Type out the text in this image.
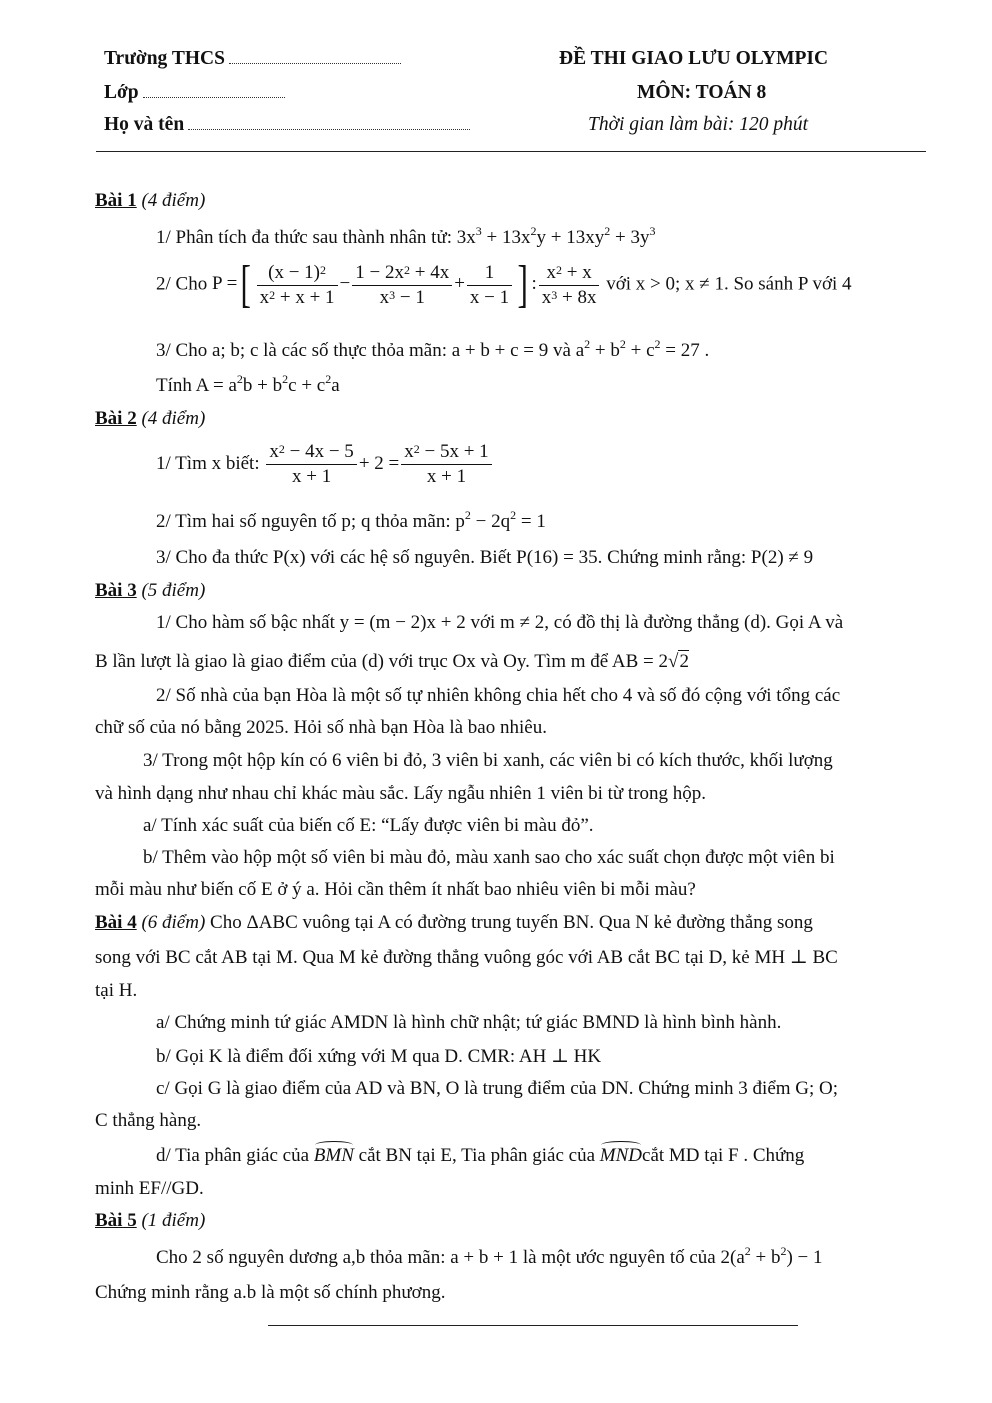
Trường THCS
Lớp
Họ và tên
ĐỀ THI GIAO LƯU OLYMPIC
MÔN: TOÁN 8
Thời gian làm bài: 120 phút
Bài 1 (4 điểm)
1/ Phân tích đa thức sau thành nhân tử: $3x^3 + 13x^2y + 13xy^2 + 3y^3$
2/ Cho P =[ $\frac{(x - 1)^2}{x^2 + x + 1} - \frac{1 - 2x^2 + 4x}{x^3 - 1} + \frac{1}{x - 1}$ ] : $\frac{x^2 + x}{x^3 + 8x}$ với x > 0; x ≠ 1. So sánh P với 4
3/ Cho a; b; c là các số thực thỏa mãn: a + b + c = 9 và $a^2 + b^2 + c^2 = 27$ .
Tính $A = a^2b + b^2c + c^2a$
Bài 2 (4 điểm)
1/ Tìm x biết: $\frac{x^2 - 4x - 5}{x + 1} + 2 = \frac{x^2 - 5x + 1}{x + 1}$
2/ Tìm hai số nguyên tố p; q thỏa mãn: $p^2 - 2q^2 = 1$
3/ Cho đa thức P(x) với các hệ số nguyên. Biết P(16) = 35. Chứng minh rằng: P(2) ≠ 9
Bài 3 (5 điểm)
1/ Cho hàm số bậc nhất y = (m − 2)x + 2 với m ≠ 2, có đồ thị là đường thẳng (d). Gọi A và
B lần lượt là giao là giao điểm của (d) với trục Ox và Oy. Tìm m để AB = 2√2
2/ Số nhà của bạn Hòa là một số tự nhiên không chia hết cho 4 và số đó cộng với tổng các
chữ số của nó bằng 2025. Hỏi số nhà bạn Hòa là bao nhiêu.
3/ Trong một hộp kín có 6 viên bi đỏ, 3 viên bi xanh, các viên bi có kích thước, khối lượng
và hình dạng như nhau chỉ khác màu sắc. Lấy ngẫu nhiên 1 viên bi từ trong hộp.
a/ Tính xác suất của biến cố E: “Lấy được viên bi màu đỏ”.
b/ Thêm vào hộp một số viên bi màu đỏ, màu xanh sao cho xác suất chọn được một viên bi
mỗi màu như biến cố E ở ý a. Hỏi cần thêm ít nhất bao nhiêu viên bi mỗi màu?
Bài 4 (6 điểm) Cho ΔABC vuông tại A có đường trung tuyến BN. Qua N kẻ đường thẳng song
song với BC cắt AB tại M. Qua M kẻ đường thẳng vuông góc với AB cắt BC tại D, kẻ MH ⊥ BC
tại H.
a/ Chứng minh tứ giác AMDN là hình chữ nhật; tứ giác BMND là hình bình hành.
b/ Gọi K là điểm đối xứng với M qua D. CMR: AH ⊥ HK
c/ Gọi G là giao điểm của AD và BN, O là trung điểm của DN. Chứng minh 3 điểm G; O;
C thẳng hàng.
d/ Tia phân giác của BMN cắt BN tại E, Tia phân giác của MNDcắt MD tại F . Chứng
minh EF//GD.
Bài 5 (1 điểm)
Cho 2 số nguyên dương a,b thỏa mãn: a + b + 1 là một ước nguyên tố của $2(a^2 + b^2) - 1$
Chứng minh rằng a.b là một số chính phương.
